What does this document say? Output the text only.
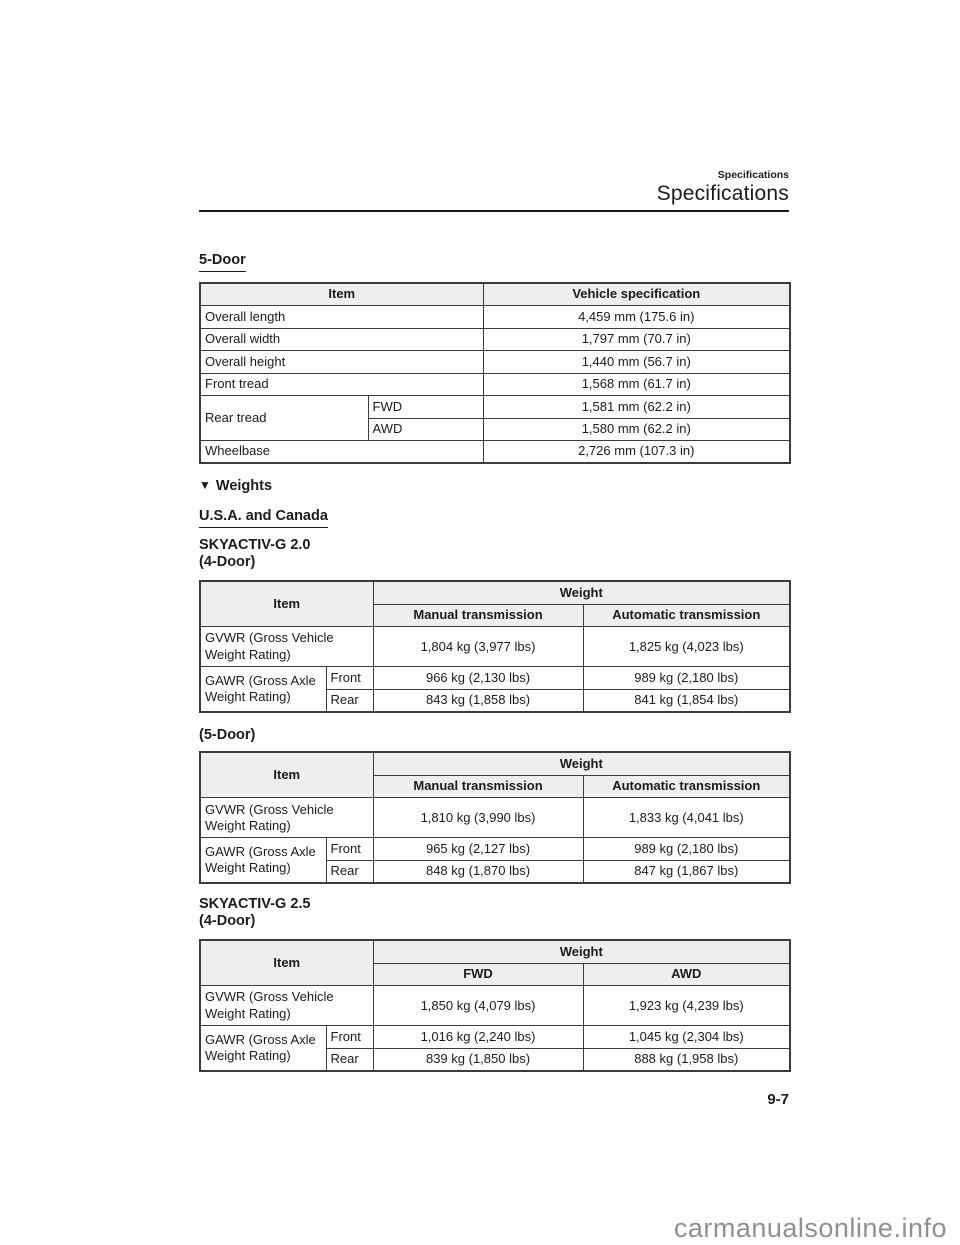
Specifications
Specifications
5-Door
Item		Vehicle specification
Overall length		4,459 mm (175.6 in)
Overall width		1,797 mm (70.7 in)
Overall height		1,440 mm (56.7 in)
Front tread		1,568 mm (61.7 in)
Rear tread	FWD	1,581 mm (62.2 in)
	AWD	1,580 mm (62.2 in)
Wheelbase		2,726 mm (107.3 in)
▼ Weights
U.S.A. and Canada
SKYACTIV-G 2.0
(4-Door)
Item		Weight	
		Manual transmission	Automatic transmission
GVWR (Gross Vehicle Weight Rating)		1,804 kg (3,977 lbs)	1,825 kg (4,023 lbs)
GAWR (Gross Axle Weight Rating)	Front	966 kg (2,130 lbs)	989 kg (2,180 lbs)
	Rear	843 kg (1,858 lbs)	841 kg (1,854 lbs)
(5-Door)
Item		Weight	
		Manual transmission	Automatic transmission
GVWR (Gross Vehicle Weight Rating)		1,810 kg (3,990 lbs)	1,833 kg (4,041 lbs)
GAWR (Gross Axle Weight Rating)	Front	965 kg (2,127 lbs)	989 kg (2,180 lbs)
	Rear	848 kg (1,870 lbs)	847 kg (1,867 lbs)
SKYACTIV-G 2.5
(4-Door)
Item		Weight	
		FWD	AWD
GVWR (Gross Vehicle Weight Rating)		1,850 kg (4,079 lbs)	1,923 kg (4,239 lbs)
GAWR (Gross Axle Weight Rating)	Front	1,016 kg (2,240 lbs)	1,045 kg (2,304 lbs)
	Rear	839 kg (1,850 lbs)	888 kg (1,958 lbs)
9-7
carmanualsonline.info
